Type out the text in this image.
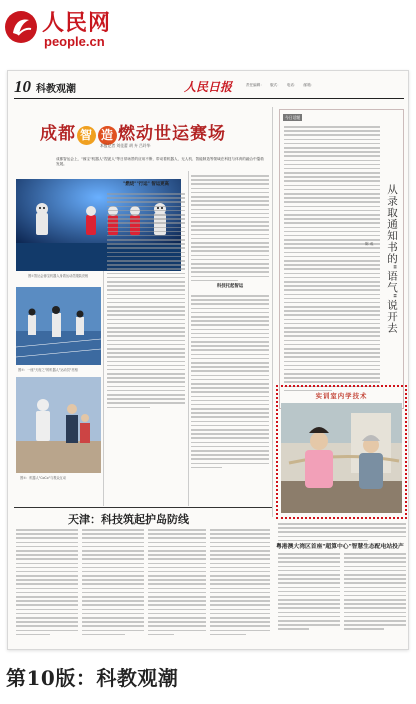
人民网
people.cn
10 科教观潮	人民日报	责任编辑： 版式： 电话： 邮箱：
成都 智 造 燃动世运赛场
本报记者 刘佳蕾 胡 卉 吕玲华
成都智运会上，"蓉宝"机器人"捏泥人"等日常场景的应用不断，带动着机器人、无人机、智能制造等领域在科技与体育的融合中蓬勃发展。
图①智运会蓉宝机器人身着运动员服装亮相
图②：一座"天府之"的机器人"运动员"亮相
图③：机器人"CoCo"与观众互动
"燃烧""行运" 智运更高
科技托起智运
今日话题
从录取通知书的"语气"说开去
陈 成
实训室内学技术
粤港澳大湾区首座"超算中心"智慧生态配电站投产
天津：科技筑起护岛防线
第10版：科教观潮
